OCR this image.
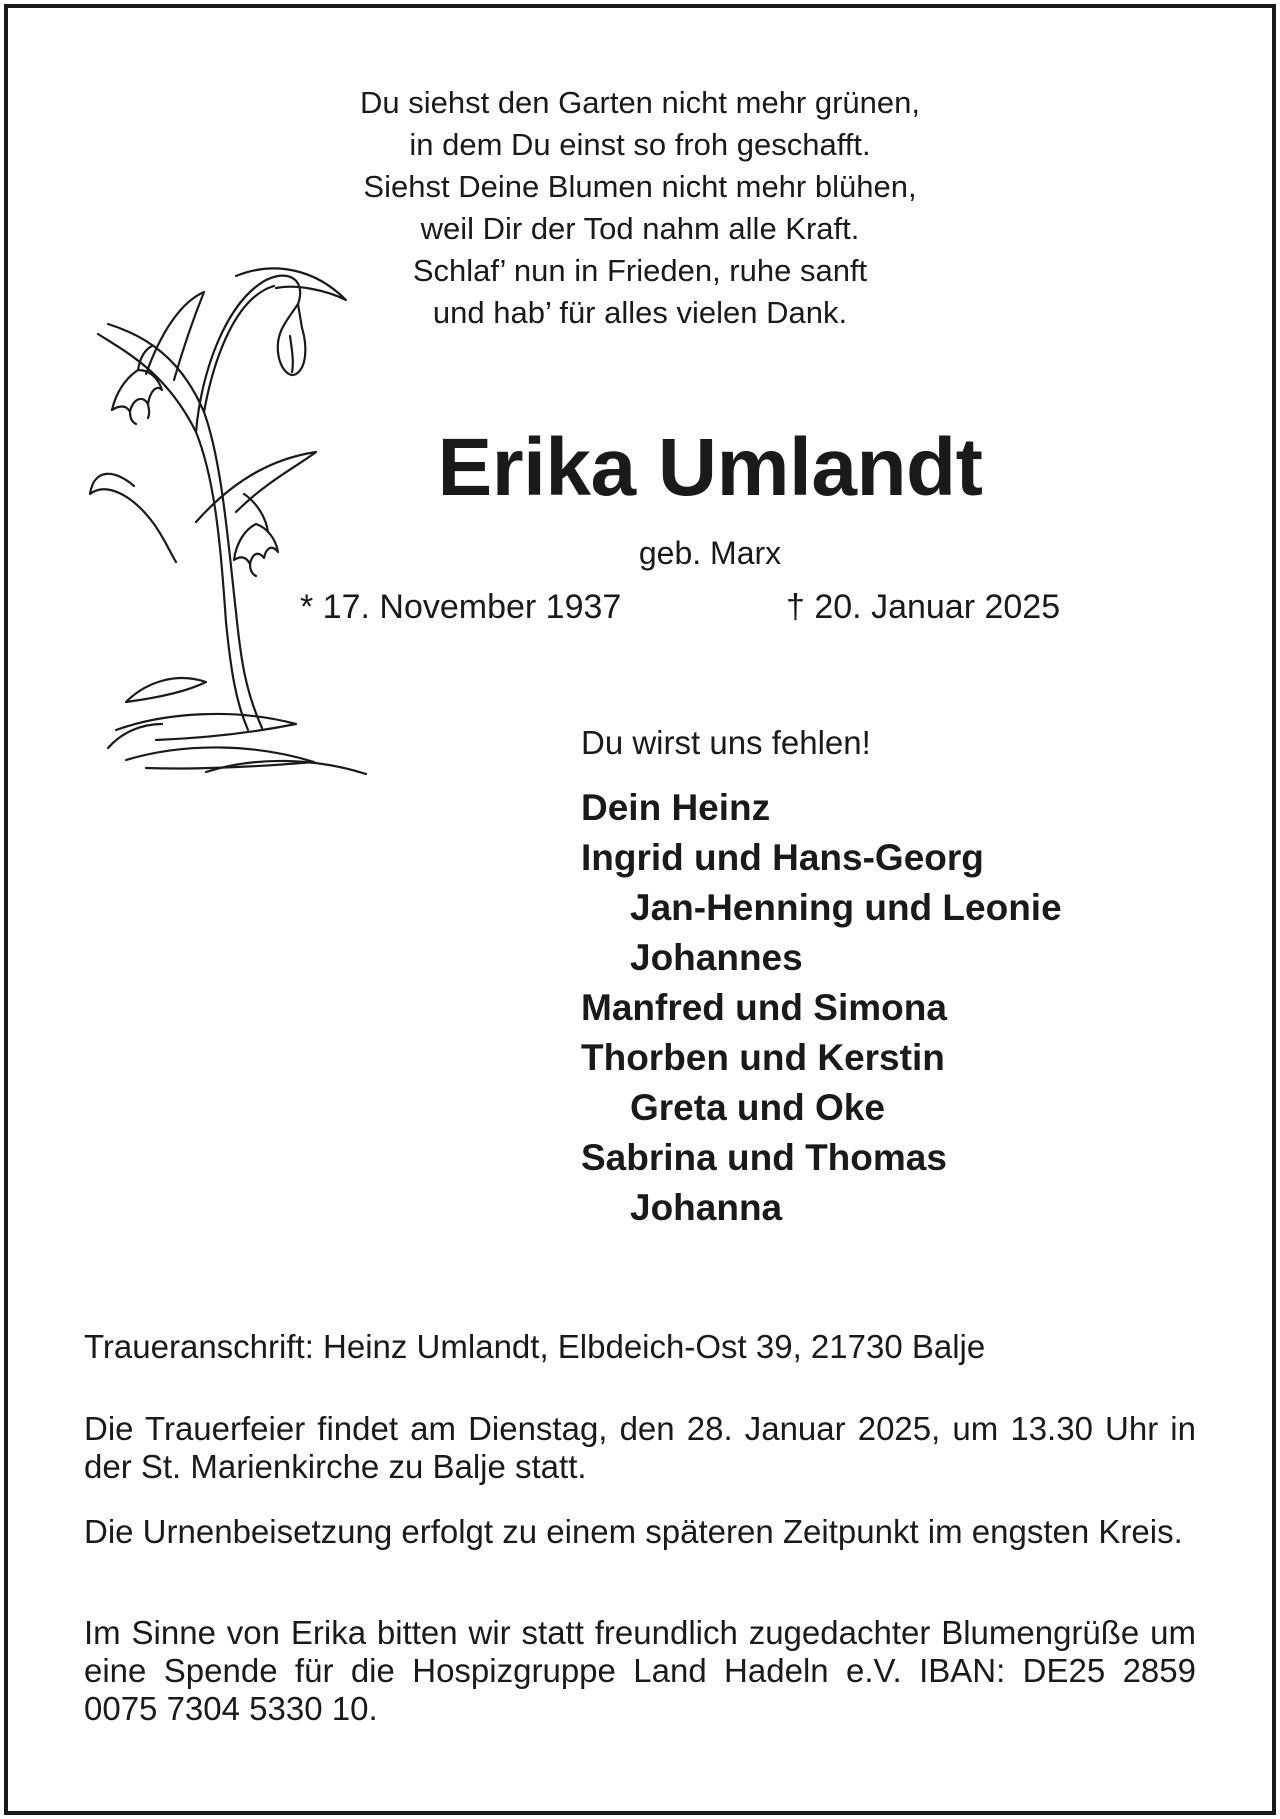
Du siehst den Garten nicht mehr grünen,
in dem Du einst so froh geschafft.
Siehst Deine Blumen nicht mehr blühen,
weil Dir der Tod nahm alle Kraft.
Schlaf’ nun in Frieden, ruhe sanft
und hab’ für alles vielen Dank.
Erika Umlandt
geb. Marx
* 17. November 1937	† 20. Januar 2025
Du wirst uns fehlen!
Dein Heinz
Ingrid und Hans-Georg
Jan-Henning und Leonie
Johannes
Manfred und Simona
Thorben und Kerstin
Greta und Oke
Sabrina und Thomas
Johanna
Traueranschrift: Heinz Umlandt, Elbdeich-Ost 39, 21730 Balje
Die Trauerfeier findet am Dienstag, den 28. Januar 2025, um 13.30 Uhr in der St. Marienkirche zu Balje statt.
Die Urnenbeisetzung erfolgt zu einem späteren Zeitpunkt im engsten Kreis.
Im Sinne von Erika bitten wir statt freundlich zugedachter Blumengrüße um eine Spende für die Hospizgruppe Land Hadeln e.V. IBAN: DE25 2859 0075 7304 5330 10.
